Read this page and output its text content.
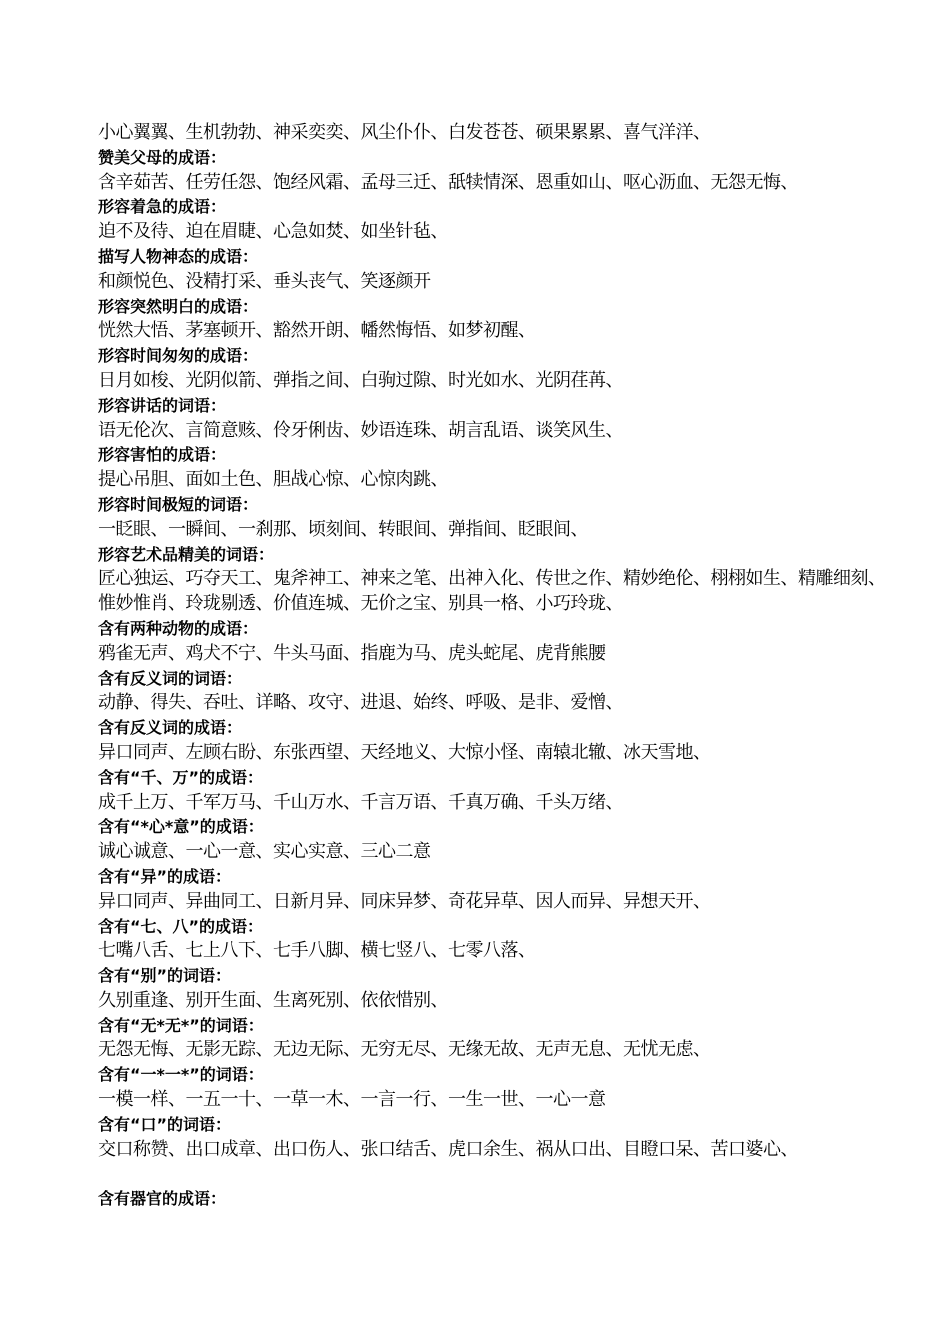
小心翼翼、生机勃勃、神采奕奕、风尘仆仆、白发苍苍、硕果累累、喜气洋洋、
赞美父母的成语：
含辛茹苦、任劳任怨、饱经风霜、孟母三迁、舐犊情深、恩重如山、呕心沥血、无怨无悔、
形容着急的成语：
迫不及待、迫在眉睫、心急如焚、如坐针毡、
描写人物神态的成语：
和颜悦色、没精打采、垂头丧气、笑逐颜开
形容突然明白的成语：
恍然大悟、茅塞顿开、豁然开朗、幡然悔悟、如梦初醒、
形容时间匆匆的成语：
日月如梭、光阴似箭、弹指之间、白驹过隙、时光如水、光阴荏苒、
形容讲话的词语：
语无伦次、言简意赅、伶牙俐齿、妙语连珠、胡言乱语、谈笑风生、
形容害怕的成语：
提心吊胆、面如土色、胆战心惊、心惊肉跳、
形容时间极短的词语：
一眨眼、一瞬间、一刹那、顷刻间、转眼间、弹指间、眨眼间、
形容艺术品精美的词语：
匠心独运、巧夺天工、鬼斧神工、神来之笔、出神入化、传世之作、精妙绝伦、栩栩如生、精雕细刻、
惟妙惟肖、玲珑剔透、价值连城、无价之宝、别具一格、小巧玲珑、
含有两种动物的成语：
鸦雀无声、鸡犬不宁、牛头马面、指鹿为马、虎头蛇尾、虎背熊腰
含有反义词的词语：
动静、得失、吞吐、详略、攻守、进退、始终、呼吸、是非、爱憎、
含有反义词的成语：
异口同声、左顾右盼、东张西望、天经地义、大惊小怪、南辕北辙、冰天雪地、
含有“千、万”的成语：
成千上万、千军万马、千山万水、千言万语、千真万确、千头万绪、
含有“*心*意”的成语：
诚心诚意、一心一意、实心实意、三心二意
含有“异”的成语：
异口同声、异曲同工、日新月异、同床异梦、奇花异草、因人而异、异想天开、
含有“七、八”的成语：
七嘴八舌、七上八下、七手八脚、横七竖八、七零八落、
含有“别”的词语：
久别重逢、别开生面、生离死别、依依惜别、
含有“无*无*”的词语：
无怨无悔、无影无踪、无边无际、无穷无尽、无缘无故、无声无息、无忧无虑、
含有“一*一*”的词语：
一模一样、一五一十、一草一木、一言一行、一生一世、一心一意
含有“口”的词语：
交口称赞、出口成章、出口伤人、张口结舌、虎口余生、祸从口出、目瞪口呆、苦口婆心、
含有器官的成语：
